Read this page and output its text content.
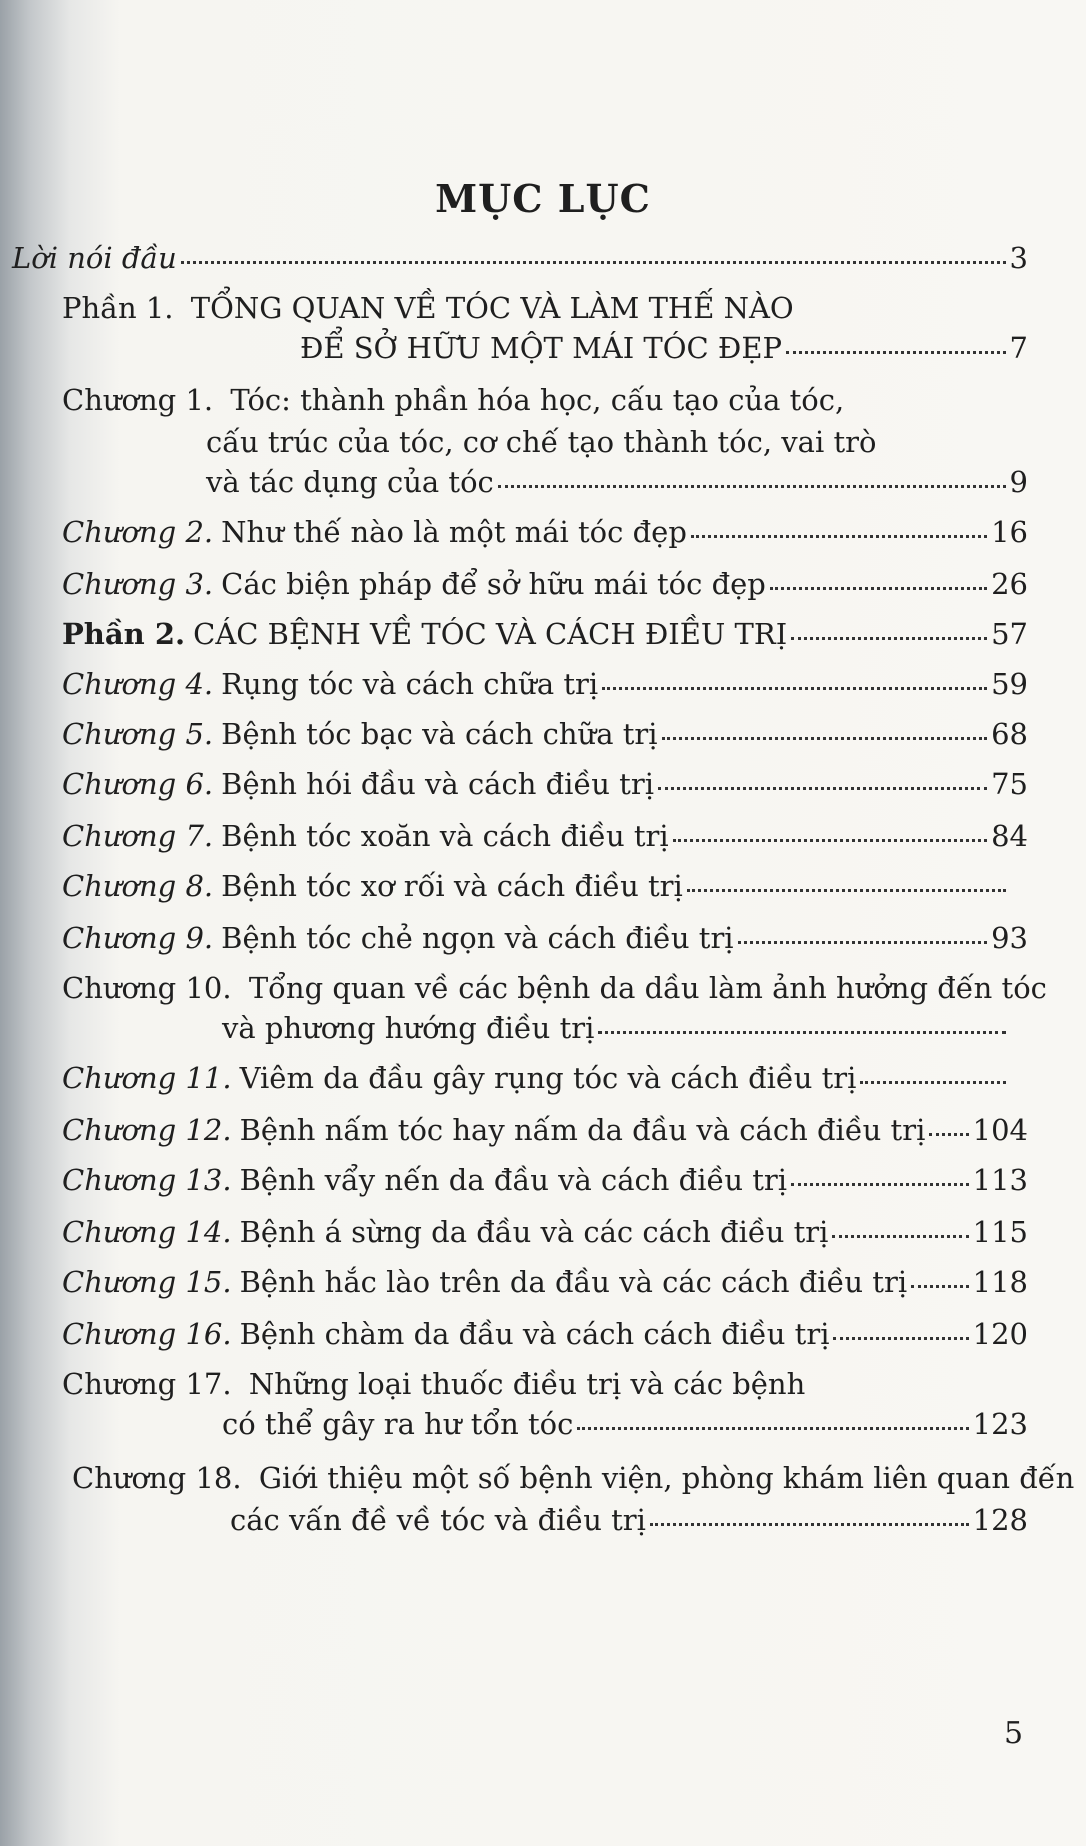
MỤC LỤC
Lời nói đầu	3
Phần 1. TỔNG QUAN VỀ TÓC VÀ LÀM THẾ NÀO
ĐỂ SỞ HỮU MỘT MÁI TÓC ĐẸP	7
Chương 1. Tóc: thành phần hóa học, cấu tạo của tóc,
cấu trúc của tóc, cơ chế tạo thành tóc, vai trò
và tác dụng của tóc	9
Chương 2. Như thế nào là một mái tóc đẹp	16
Chương 3. Các biện pháp để sở hữu mái tóc đẹp	26
Phần 2. CÁC BỆNH VỀ TÓC VÀ CÁCH ĐIỀU TRỊ	57
Chương 4. Rụng tóc và cách chữa trị	59
Chương 5. Bệnh tóc bạc và cách chữa trị	68
Chương 6. Bệnh hói đầu và cách điều trị	75
Chương 7. Bệnh tóc xoăn và cách điều trị	84
Chương 8. Bệnh tóc xơ rối và cách điều trị
Chương 9. Bệnh tóc chẻ ngọn và cách điều trị	93
Chương 10. Tổng quan về các bệnh da dầu làm ảnh hưởng đến tóc
và phương hướng điều trị
Chương 11. Viêm da đầu gây rụng tóc và cách điều trị
Chương 12. Bệnh nấm tóc hay nấm da đầu và cách điều trị 104
Chương 13. Bệnh vẩy nến da đầu và cách điều trị	113
Chương 14. Bệnh á sừng da đầu và các cách điều trị	115
Chương 15. Bệnh hắc lào trên da đầu và các cách điều trị 118
Chương 16. Bệnh chàm da đầu và cách cách điều trị	120
Chương 17. Những loại thuốc điều trị và các bệnh
có thể gây ra hư tổn tóc	123
Chương 18. Giới thiệu một số bệnh viện, phòng khám liên quan đến
các vấn đề về tóc và điều trị	128
5
